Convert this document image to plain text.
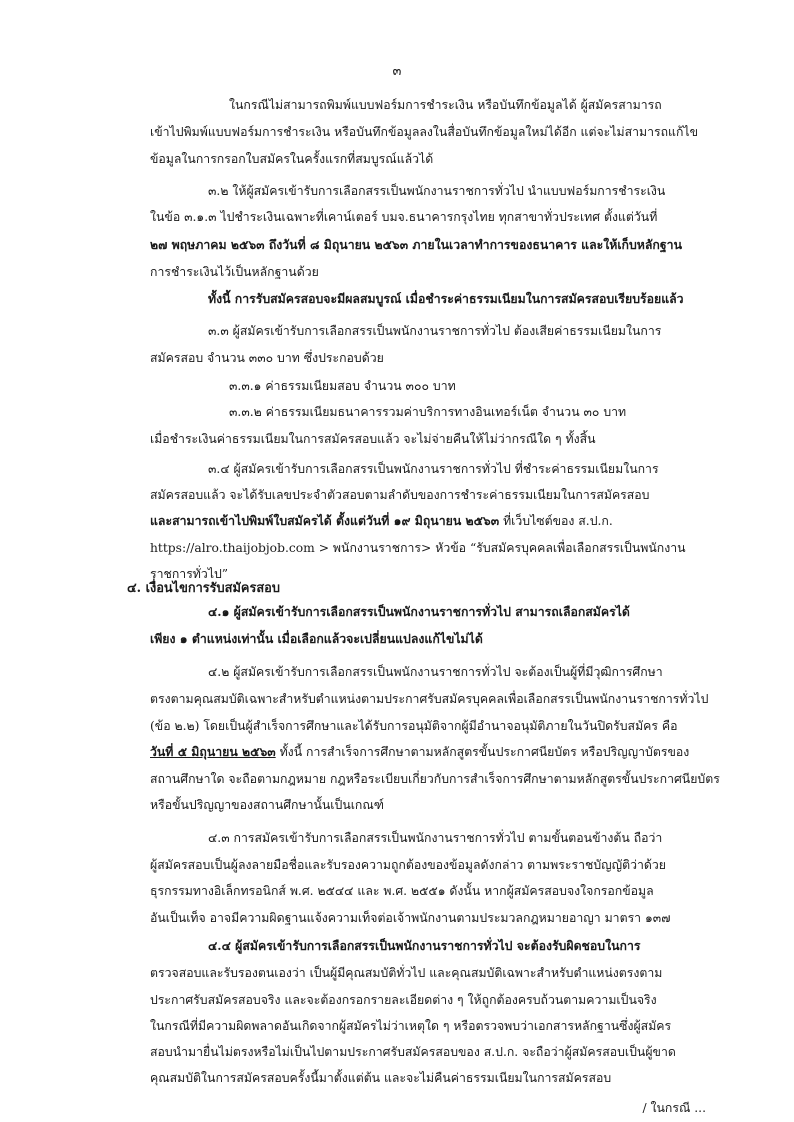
๓
ในกรณีไม่สามารถพิมพ์แบบฟอร์มการชำระเงิน หรือบันทึกข้อมูลได้ ผู้สมัครสามารถ
เข้าไปพิมพ์แบบฟอร์มการชำระเงิน หรือบันทึกข้อมูลลงในสื่อบันทึกข้อมูลใหม่ได้อีก แต่จะไม่สามารถแก้ไข
ข้อมูลในการกรอกใบสมัครในครั้งแรกที่สมบูรณ์แล้วได้
๓.๒ ให้ผู้สมัครเข้ารับการเลือกสรรเป็นพนักงานราชการทั่วไป นำแบบฟอร์มการชำระเงิน
ในข้อ ๓.๑.๓ ไปชำระเงินเฉพาะที่เคาน์เตอร์ บมจ.ธนาคารกรุงไทย ทุกสาขาทั่วประเทศ ตั้งแต่วันที่
๒๗ พฤษภาคม ๒๕๖๓ ถึงวันที่ ๘ มิถุนายน ๒๕๖๓ ภายในเวลาทำการของธนาคาร และให้เก็บหลักฐาน
การชำระเงินไว้เป็นหลักฐานด้วย
ทั้งนี้ การรับสมัครสอบจะมีผลสมบูรณ์ เมื่อชำระค่าธรรมเนียมในการสมัครสอบเรียบร้อยแล้ว
๓.๓ ผู้สมัครเข้ารับการเลือกสรรเป็นพนักงานราชการทั่วไป ต้องเสียค่าธรรมเนียมในการ
สมัครสอบ จำนวน ๓๓๐ บาท ซึ่งประกอบด้วย
๓.๓.๑ ค่าธรรมเนียมสอบ จำนวน ๓๐๐ บาท
๓.๓.๒ ค่าธรรมเนียมธนาคารรวมค่าบริการทางอินเทอร์เน็ต จำนวน ๓๐ บาท
เมื่อชำระเงินค่าธรรมเนียมในการสมัครสอบแล้ว จะไม่จ่ายคืนให้ไม่ว่ากรณีใด ๆ ทั้งสิ้น
๓.๔ ผู้สมัครเข้ารับการเลือกสรรเป็นพนักงานราชการทั่วไป ที่ชำระค่าธรรมเนียมในการ
สมัครสอบแล้ว จะได้รับเลขประจำตัวสอบตามลำดับของการชำระค่าธรรมเนียมในการสมัครสอบ
และสามารถเข้าไปพิมพ์ใบสมัครได้ ตั้งแต่วันที่ ๑๙ มิถุนายน ๒๕๖๓ ที่เว็บไซต์ของ ส.ป.ก.
https://alro.thaijobjob.com > พนักงานราชการ> หัวข้อ “รับสมัครบุคคลเพื่อเลือกสรรเป็นพนักงาน
ราชการทั่วไป”
๔. เงื่อนไขการรับสมัครสอบ
๔.๑ ผู้สมัครเข้ารับการเลือกสรรเป็นพนักงานราชการทั่วไป สามารถเลือกสมัครได้
เพียง ๑ ตำแหน่งเท่านั้น เมื่อเลือกแล้วจะเปลี่ยนแปลงแก้ไขไม่ได้
๔.๒ ผู้สมัครเข้ารับการเลือกสรรเป็นพนักงานราชการทั่วไป จะต้องเป็นผู้ที่มีวุฒิการศึกษา
ตรงตามคุณสมบัติเฉพาะสำหรับตำแหน่งตามประกาศรับสมัครบุคคลเพื่อเลือกสรรเป็นพนักงานราชการทั่วไป
(ข้อ ๒.๒) โดยเป็นผู้สำเร็จการศึกษาและได้รับการอนุมัติจากผู้มีอำนาจอนุมัติภายในวันปิดรับสมัคร คือ
วันที่ ๕ มิถุนายน ๒๕๖๓ ทั้งนี้ การสำเร็จการศึกษาตามหลักสูตรขั้นประกาศนียบัตร หรือปริญญาบัตรของ
สถานศึกษาใด จะถือตามกฎหมาย กฎหรือระเบียบเกี่ยวกับการสำเร็จการศึกษาตามหลักสูตรขั้นประกาศนียบัตร
หรือขั้นปริญญาของสถานศึกษานั้นเป็นเกณฑ์
๔.๓ การสมัครเข้ารับการเลือกสรรเป็นพนักงานราชการทั่วไป ตามขั้นตอนข้างต้น ถือว่า
ผู้สมัครสอบเป็นผู้ลงลายมือชื่อและรับรองความถูกต้องของข้อมูลดังกล่าว ตามพระราชบัญญัติว่าด้วย
ธุรกรรมทางอิเล็กทรอนิกส์ พ.ศ. ๒๕๔๔ และ พ.ศ. ๒๕๕๑ ดังนั้น หากผู้สมัครสอบจงใจกรอกข้อมูล
อันเป็นเท็จ อาจมีความผิดฐานแจ้งความเท็จต่อเจ้าพนักงานตามประมวลกฎหมายอาญา มาตรา ๑๓๗
๔.๔ ผู้สมัครเข้ารับการเลือกสรรเป็นพนักงานราชการทั่วไป จะต้องรับผิดชอบในการ
ตรวจสอบและรับรองตนเองว่า เป็นผู้มีคุณสมบัติทั่วไป และคุณสมบัติเฉพาะสำหรับตำแหน่งตรงตาม
ประกาศรับสมัครสอบจริง และจะต้องกรอกรายละเอียดต่าง ๆ ให้ถูกต้องครบถ้วนตามความเป็นจริง
ในกรณีที่มีความผิดพลาดอันเกิดจากผู้สมัครไม่ว่าเหตุใด ๆ หรือตรวจพบว่าเอกสารหลักฐานซึ่งผู้สมัคร
สอบนำมายื่นไม่ตรงหรือไม่เป็นไปตามประกาศรับสมัครสอบของ ส.ป.ก. จะถือว่าผู้สมัครสอบเป็นผู้ขาด
คุณสมบัติในการสมัครสอบครั้งนี้มาตั้งแต่ต้น และจะไม่คืนค่าธรรมเนียมในการสมัครสอบ
/ ในกรณี ...
